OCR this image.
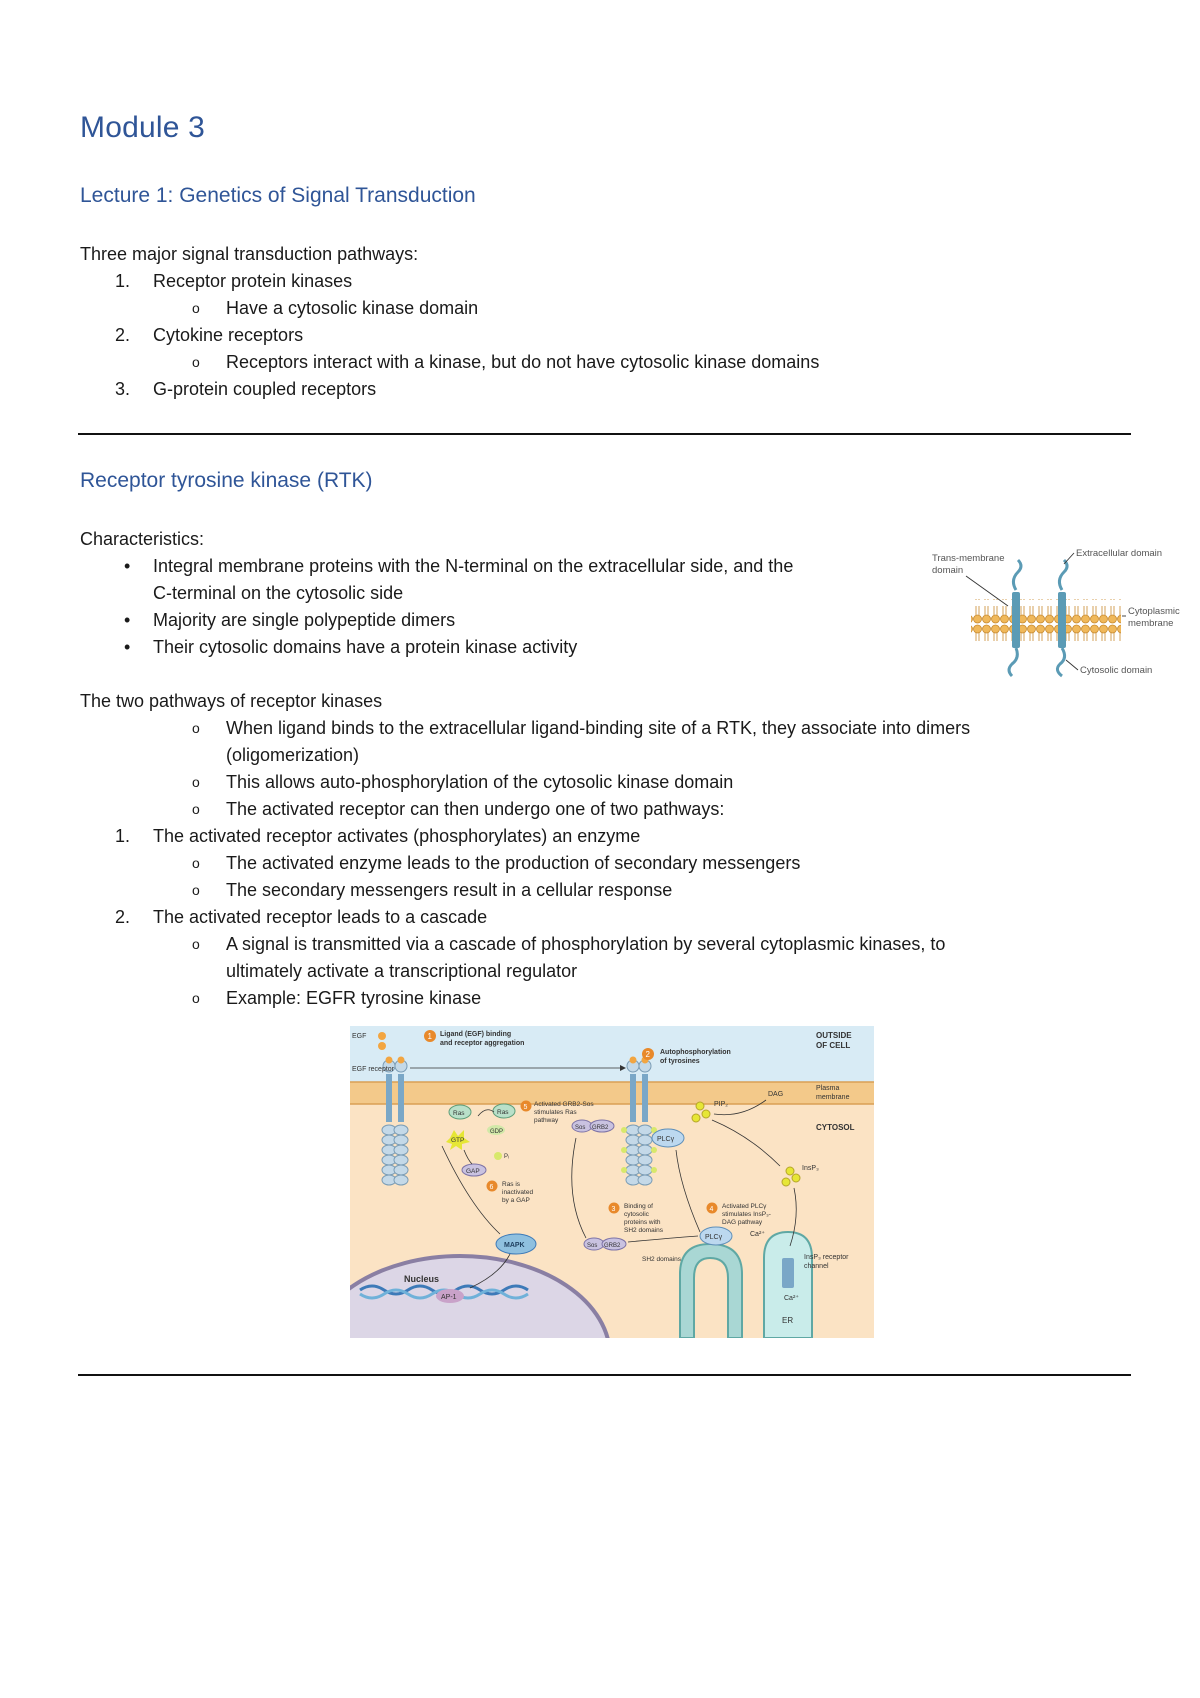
Module 3
Lecture 1: Genetics of Signal Transduction

Three major signal transduction pathways:

1. Receptor protein kinases
o Have a cytosolic kinase domain
2. Cytokine receptors
o Receptors interact with a kinase, but do not have cytosolic kinase domains
3. G-protein coupled receptors
Receptor tyrosine kinase (RTK)

Characteristics:

• Integral membrane proteins with the N-terminal on the extracellular side, and the
C-terminal on the cytosolic side
• Majority are single polypeptide dimers
• Their cytosolic domains have a protein kinase activity
Trans-membrane
domain
Extracellular domain
Cytoplasmic
membrane
Cytosolic domain

The two pathways of receptor kinases

o When ligand binds to the extracellular ligand-binding site of a RTK, they associate into dimers
(oligomerization)
o This allows auto-phosphorylation of the cytosolic kinase domain
o The activated receptor can then undergo one of two pathways:
1. The activated receptor activates (phosphorylates) an enzyme
o The activated enzyme leads to the production of secondary messengers
o The secondary messengers result in a cellular response
2. The activated receptor leads to a cascade
o A signal is transmitted via a cascade of phosphorylation by several cytoplasmic kinases, to
ultimately activate a transcriptional regulator
o Example: EGFR tyrosine kinase
Nucleus
AP-1
ER
Ca²⁺
Ca²⁺
InsP₃ receptor
channel
EGF
EGF receptor
1 Ligand (EGF) binding
and receptor aggregation
2 Autophosphorylation
of tyrosines
OUTSIDE
OF CELL
Plasma
membrane
CYTOSOL
Ras	Ras
GTP
GDP
GAP
Pᵢ
5 Activated GRB2-Sos
stimulates Ras
pathway
6 Ras is
inactivated
by a GAP
Sos GRB2
PLCγ
PIP₂
DAG
InsP₃
3 Binding of
cytosolic
proteins with
SH2 domains
4 Activated PLCγ
stimulates InsP₃-
DAG pathway
Sos GRB2
SH2 domains
PLCγ
MAPK
